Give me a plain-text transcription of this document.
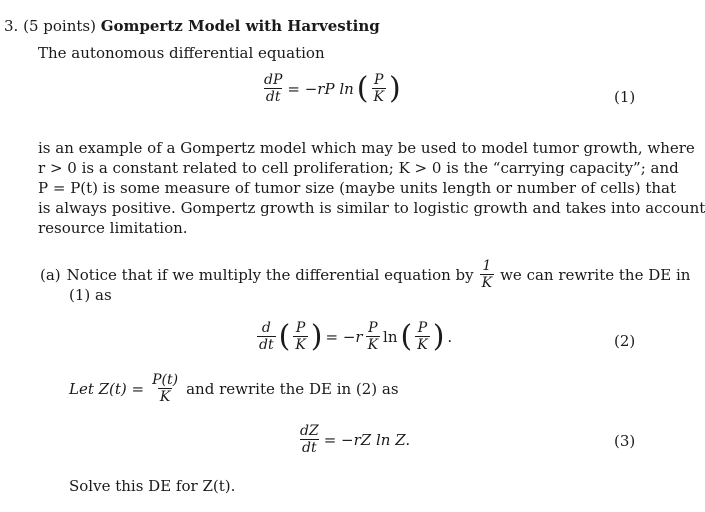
3. (5 points) Gompertz Model with Harvesting
The autonomous differential equation
$\frac{dP}{dt} = -rP$ ln ( $\frac{P}{K}$ )	(1)
is an example of a Gompertz model which may be used to model tumor growth, where
r > 0 is a constant related to cell proliferation; K > 0 is the “carrying capacity”; and
P = P(t) is some measure of tumor size (maybe units length or number of cells) that
is always positive. Gompertz growth is similar to logistic growth and takes into account
resource limitation.
(a) Notice that if we multiply the differential equation by $\frac{1}{K}$ we can rewrite the DE in
(1) as
$\frac{d}{dt}$ ( $\frac{P}{K}$ ) = $-r \frac{P}{K}$ ln ( $\frac{P}{K}$ ) .	(2)
Let $Z(t) = \frac{P(t)}{K}$ and rewrite the DE in (2) as
$\frac{dZ}{dt} = -rZ$ ln Z.	(3)
Solve this DE for Z(t).
